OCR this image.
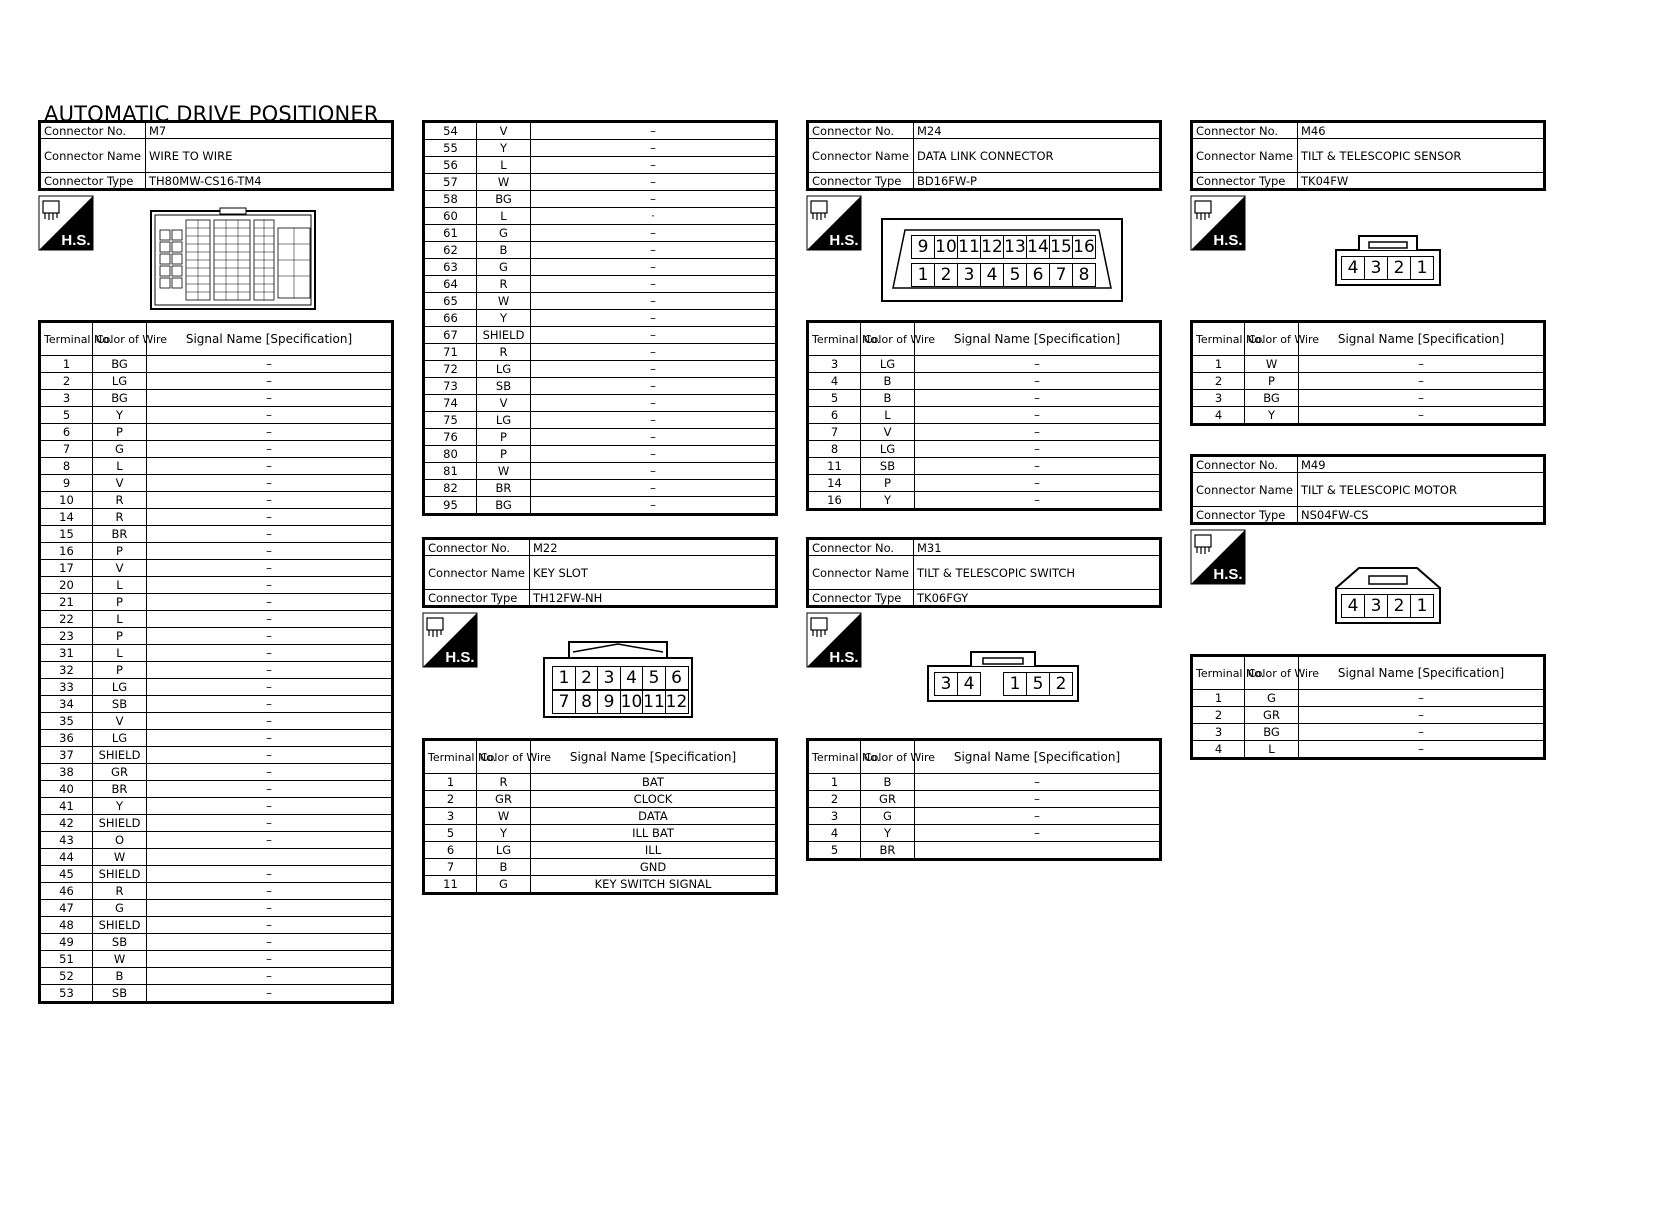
AUTOMATIC DRIVE POSITIONER
Connector No.	M7
Connector Name	WIRE TO WIRE
Connector Type	TH80MW-CS16-TM4
H.S.
Terminal No.	Color of Wire	Signal Name [Specification]
1	BG	–
2	LG	–
3	BG	–
5	Y	–
6	P	–
7	G	–
8	L	–
9	V	–
10	R	–
14	R	–
15	BR	–
16	P	–
17	V	–
20	L	–
21	P	–
22	L	–
23	P	–
31	L	–
32	P	–
33	LG	–
34	SB	–
35	V	–
36	LG	–
37	SHIELD	–
38	GR	–
40	BR	–
41	Y	–
42	SHIELD	–
43	O	–
44	W	
45	SHIELD	–
46	R	–
47	G	–
48	SHIELD	–
49	SB	–
51	W	–
52	B	–
53	SB	–
54	V	–
55	Y	–
56	L	–
57	W	–
58	BG	–
60	L	·
61	G	–
62	B	–
63	G	–
64	R	–
65	W	–
66	Y	–
67	SHIELD	–
71	R	–
72	LG	–
73	SB	–
74	V	–
75	LG	–
76	P	–
80	P	–
81	W	–
82	BR	–
95	BG	–
Connector No.	M22
Connector Name	KEY SLOT
Connector Type	TH12FW-NH
H.S.
1 2 3 4 5 6
7 8 9 10 11 12
Terminal No.	Color of Wire	Signal Name [Specification]
1	R	BAT
2	GR	CLOCK
3	W	DATA
5	Y	ILL BAT
6	LG	ILL
7	B	GND
11	G	KEY SWITCH SIGNAL
Connector No.	M24
Connector Name	DATA LINK CONNECTOR
Connector Type	BD16FW-P
H.S.	9 10 11 12 13 14 15 16
1 2 3 4 5 6 7 8
Terminal No.	Color of Wire	Signal Name [Specification]
3	LG	–
4	B	–
5	B	–
6	L	–
7	V	–
8	LG	–
11	SB	–
14	P	–
16	Y	–
Connector No.	M31
Connector Name	TILT & TELESCOPIC SWITCH
Connector Type	TK06FGY
H.S.
3 4	1 5 2
Terminal No.	Color of Wire	Signal Name [Specification]
1	B	–
2	GR	–
3	G	–
4	Y	–
5	BR	
Connector No.	M46
Connector Name	TILT & TELESCOPIC SENSOR
Connector Type	TK04FW
H.S.
4 3 2 1
Terminal No.	Color of Wire	Signal Name [Specification]
1	W	–
2	P	–
3	BG	–
4	Y	–
Connector No.	M49
Connector Name	TILT & TELESCOPIC MOTOR
Connector Type	NS04FW-CS
H.S.
4 3 2 1
Terminal No.	Color of Wire	Signal Name [Specification]
1	G	–
2	GR	–
3	BG	–
4	L	–
